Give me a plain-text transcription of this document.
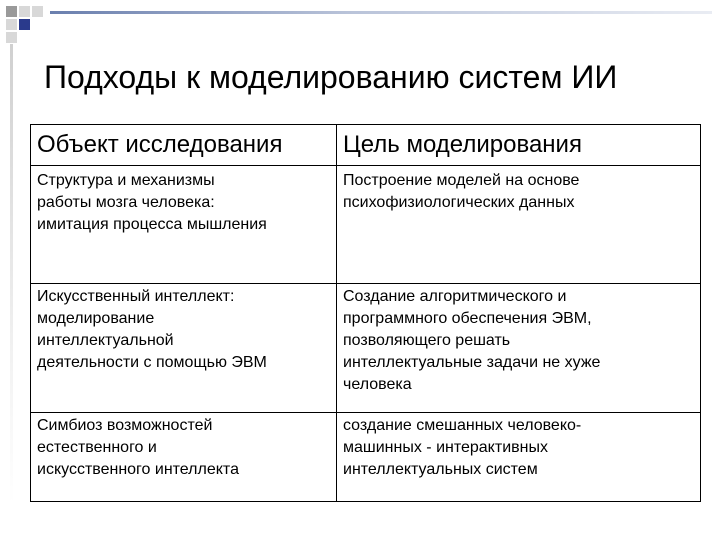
Подходы к моделированию систем ИИ
Объект исследования	Цель моделирования

Структура и механизмы
работы мозга человека:
имитация процесса мышления	Построение моделей на основе
психофизиологических данных

Искусственный интеллект:
моделирование
интеллектуальной
деятельности с помощью ЭВМ	Создание алгоритмического и
программного обеспечения ЭВМ,
позволяющего решать
интеллектуальные задачи не хуже
человека

Симбиоз возможностей
естественного и
искусственного интеллекта	создание смешанных человеко-
машинных - интерактивных
интеллектуальных систем
